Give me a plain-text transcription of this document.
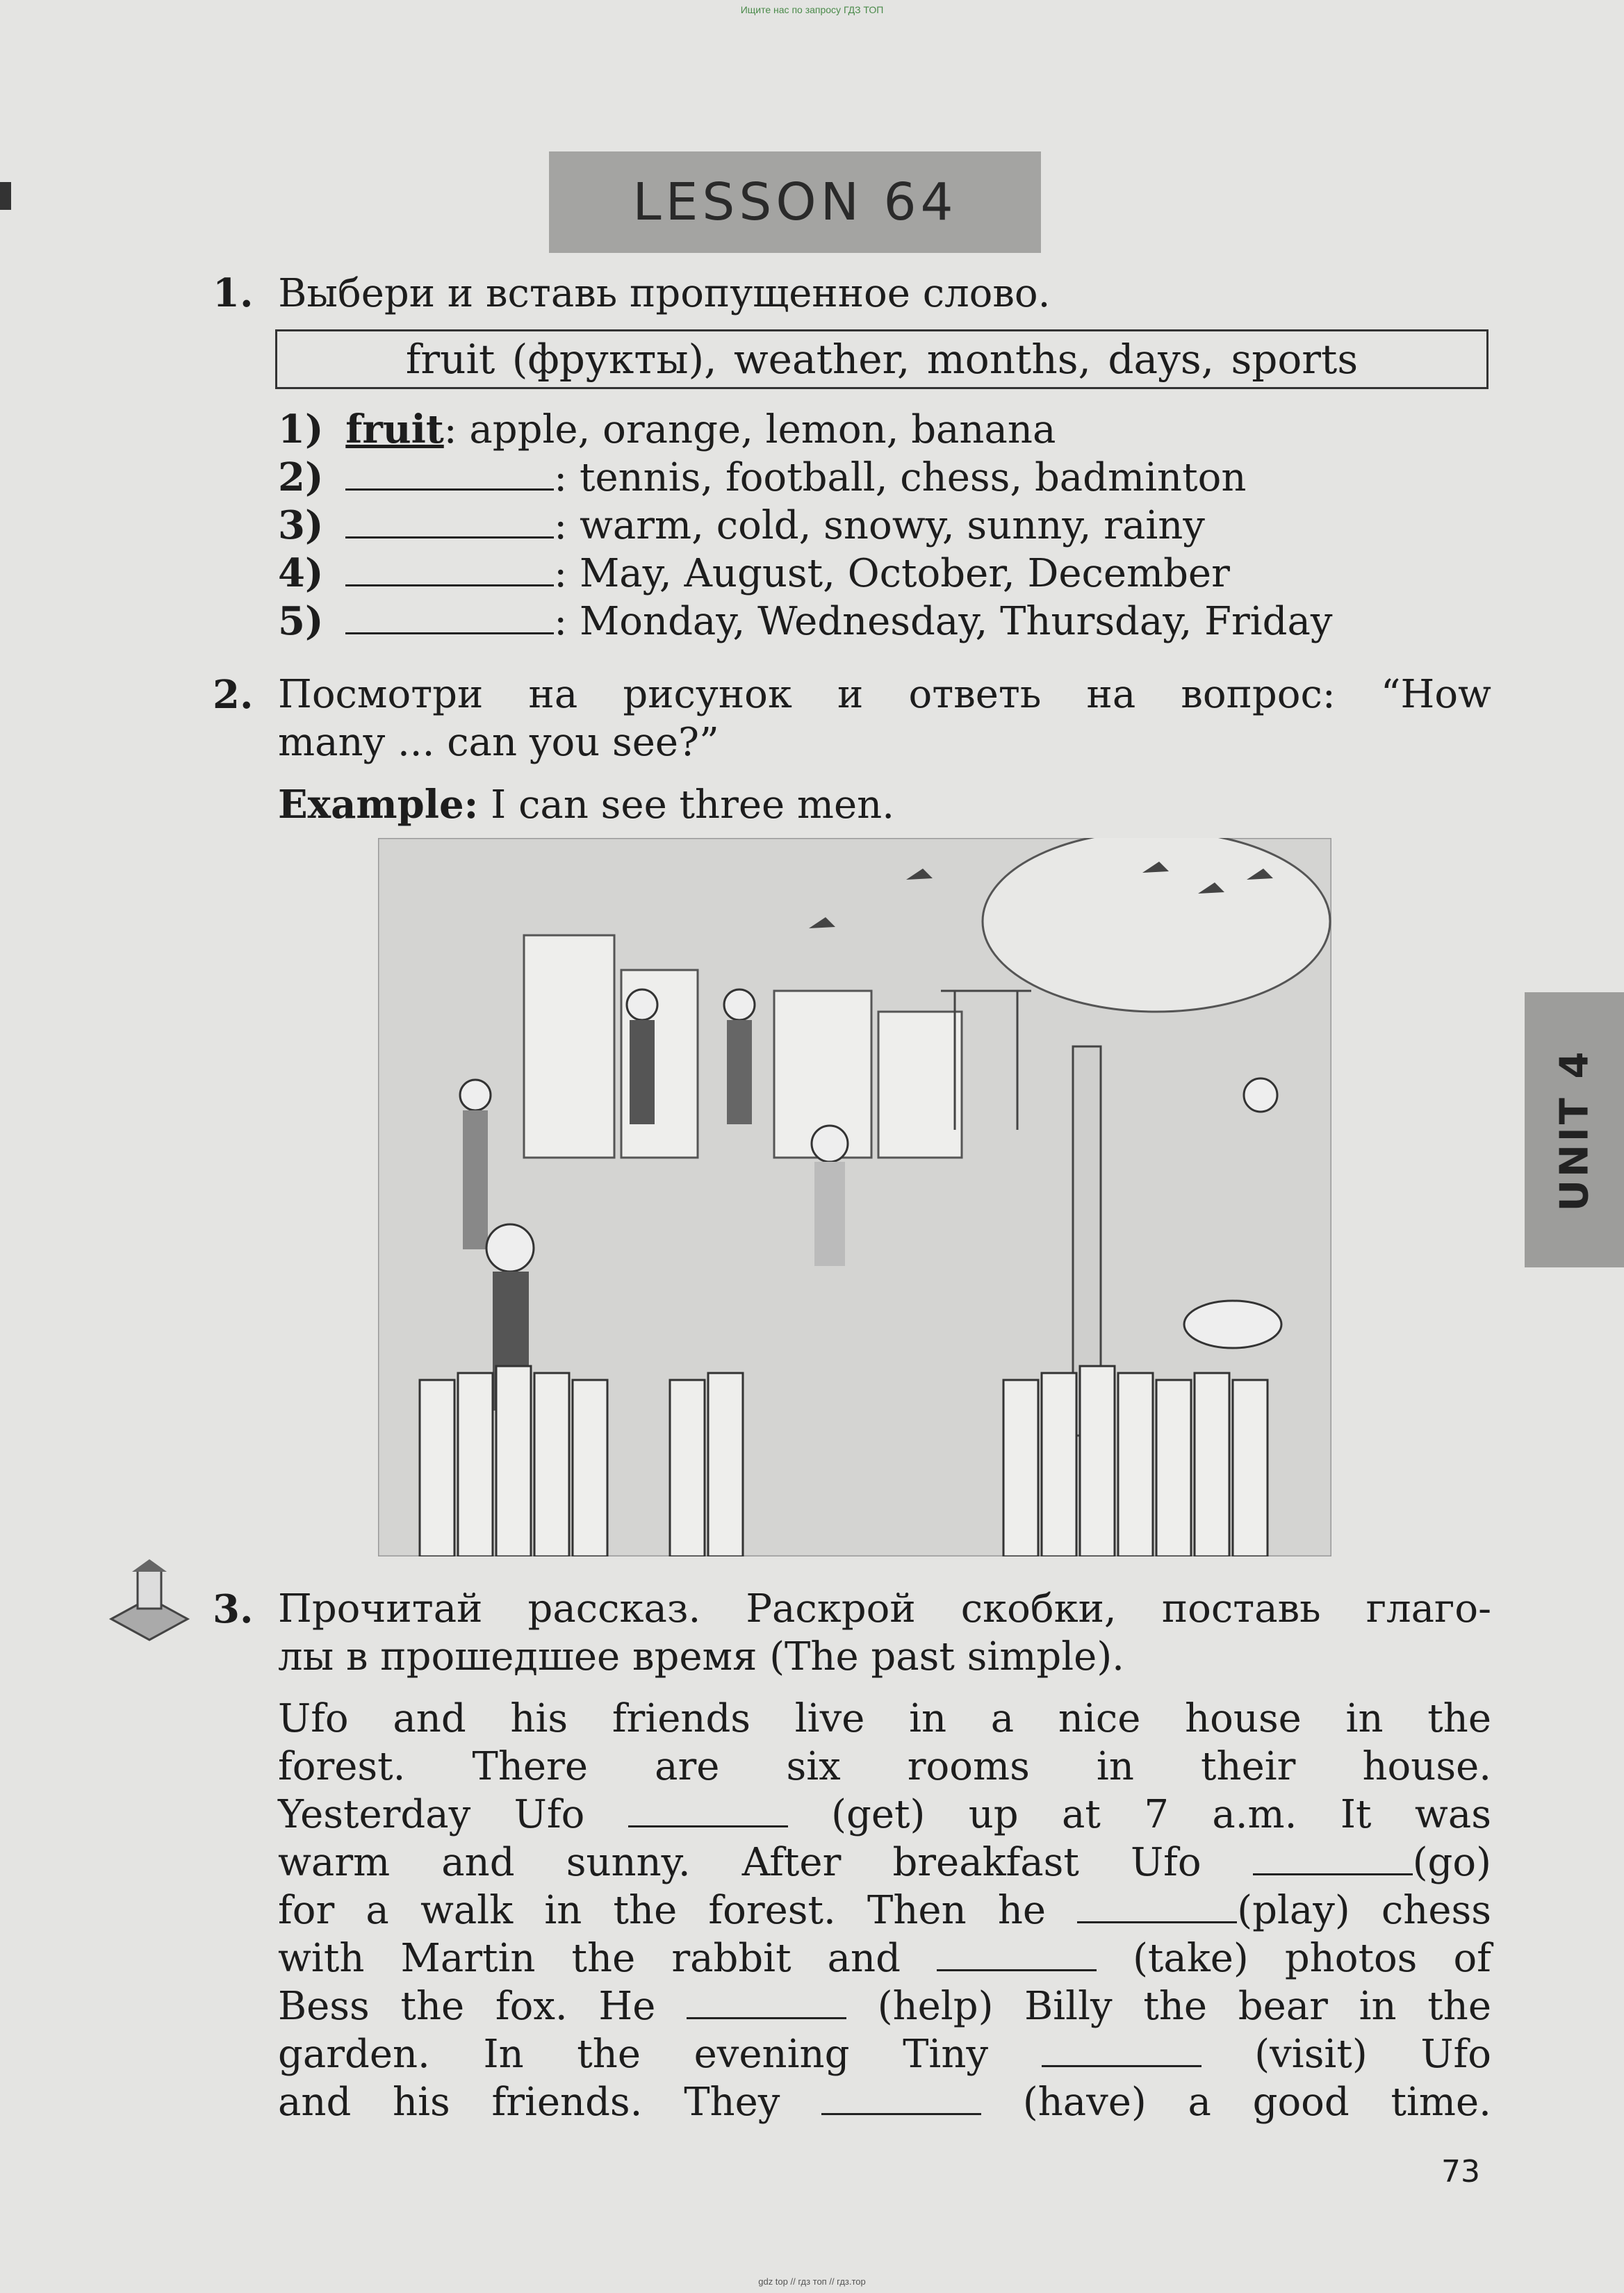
Ищите нас по запросу ГДЗ ТОП
LESSON 64
UNIT 4
1. Выбери и вставь пропущенное слово.
fruit (фрукты), weather, months, days, sports
1) fruit: apple, orange, lemon, banana
2)	: tennis, football, chess, badminton
3)	: warm, cold, snowy, sunny, rainy
4)	: May, August, October, December
5)	: Monday, Wednesday, Thursday, Friday
2. Посмотри на рисунок и ответь на вопрос: “How
many ... can you see?”
Example: I can see three men.
3. Прочитай рассказ. Раскрой скобки, поставь глаго-
лы в прошедшее время (The past simple).
Ufo and his friends live in a nice house in the
forest. There are six rooms in their house.
Yesterday Ufo	(get) up at 7 a.m. It was
warm and sunny. After breakfast Ufo	(go)
for a walk in the forest. Then he	(play) chess
with Martin the rabbit and	(take) photos of
Bess the fox. He	(help) Billy the bear in the
garden. In the evening Tiny	(visit) Ufo
and his friends. They	(have) a good time.
73
gdz top // гдз топ // гдз.тор
